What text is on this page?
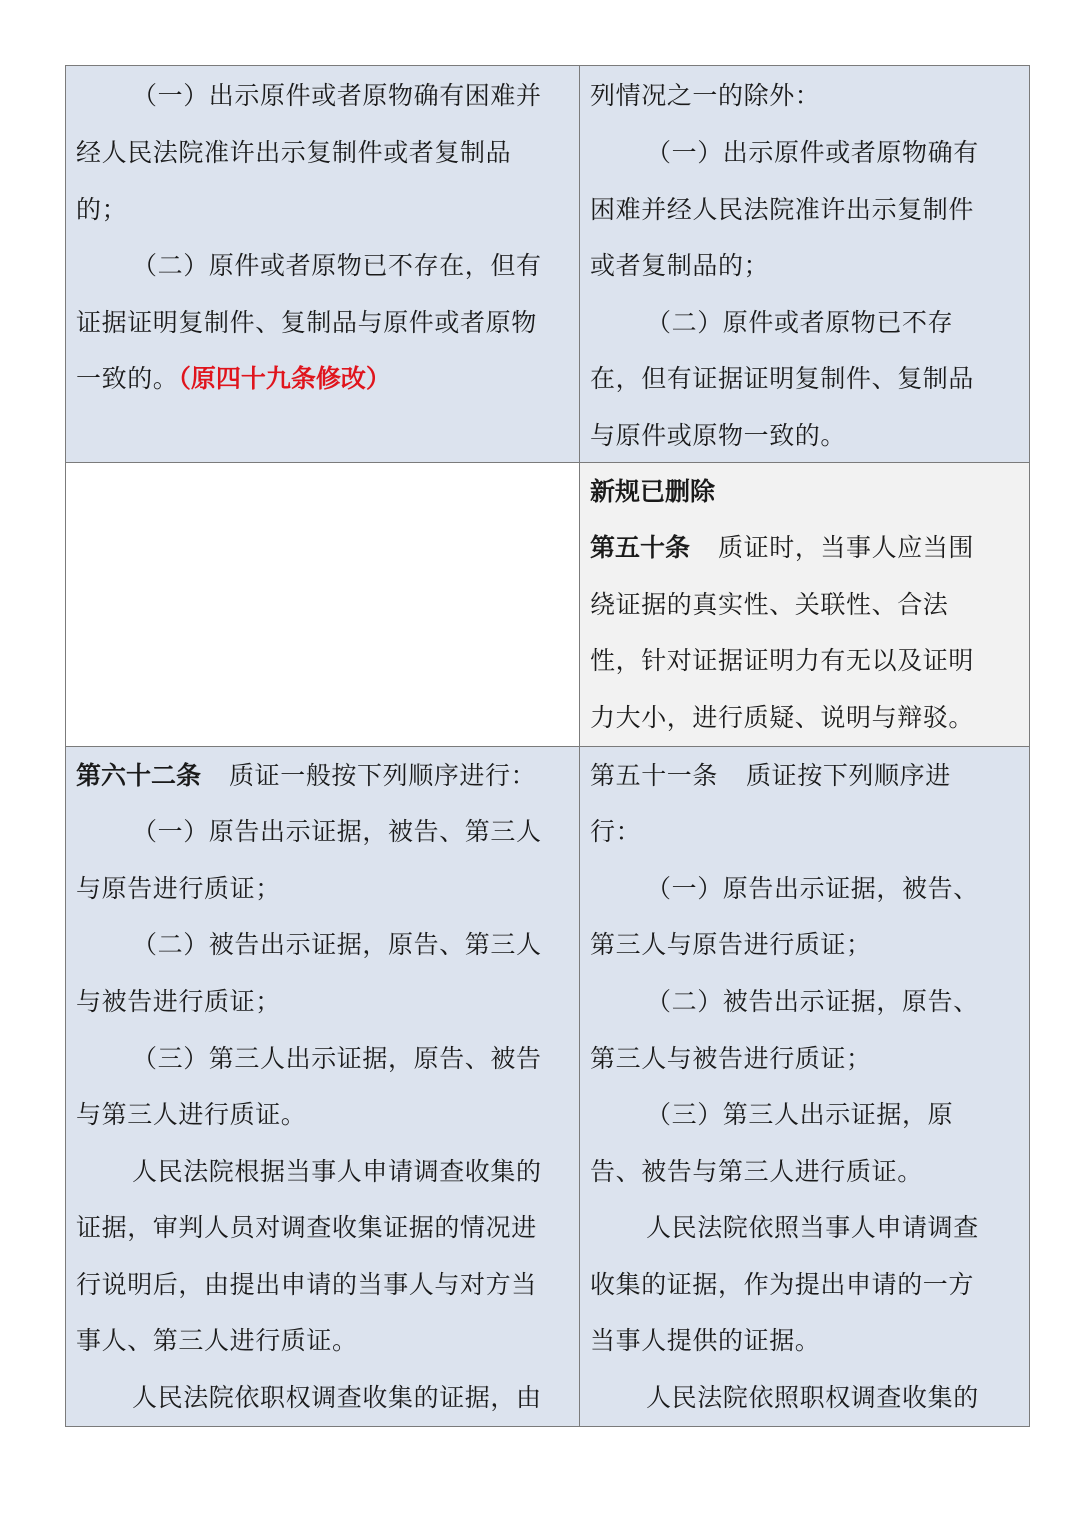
（一）出示原件或者原物确有困难并
经人民法院准许出示复制件或者复制品
的；
（二）原件或者原物已不存在，但有
证据证明复制件、复制品与原件或者原物
一致的。（原四十九条修改）
列情况之一的除外：
（一）出示原件或者原物确有
困难并经人民法院准许出示复制件
或者复制品的；
（二）原件或者原物已不存
在，但有证据证明复制件、复制品
与原件或原物一致的。
新规已删除
第五十条 质证时，当事人应当围
绕证据的真实性、关联性、合法
性，针对证据证明力有无以及证明
力大小，进行质疑、说明与辩驳。
第六十二条 质证一般按下列顺序进行：
（一）原告出示证据，被告、第三人
与原告进行质证；
（二）被告出示证据，原告、第三人
与被告进行质证；
（三）第三人出示证据，原告、被告
与第三人进行质证。
人民法院根据当事人申请调查收集的
证据，审判人员对调查收集证据的情况进
行说明后，由提出申请的当事人与对方当
事人、第三人进行质证。
人民法院依职权调查收集的证据，由
第五十一条 质证按下列顺序进
行：
（一）原告出示证据，被告、
第三人与原告进行质证；
（二）被告出示证据，原告、
第三人与被告进行质证；
（三）第三人出示证据，原
告、被告与第三人进行质证。
人民法院依照当事人申请调查
收集的证据，作为提出申请的一方
当事人提供的证据。
人民法院依照职权调查收集的
